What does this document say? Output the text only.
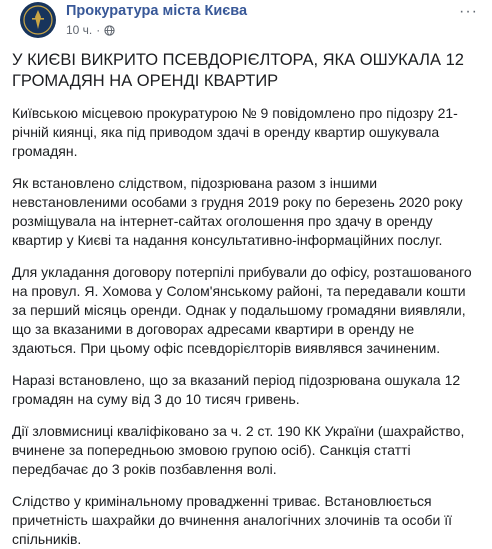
Прокуратура міста Києва
10 ч. ·
···
У КИЄВІ ВИКРИТО ПСЕВДОРІЄЛТОРА, ЯКА ОШУКАЛА 12 ГРОМАДЯН НА ОРЕНДІ КВАРТИР

Київською місцевою прокуратурою № 9 повідомлено про підозру 21-річній киянці, яка під приводом здачі в оренду квартир ошукувала громадян.

Як встановлено слідством, підозрювана разом з іншими невстановленими особами з грудня 2019 року по березень 2020 року розміщувала на інтернет-сайтах оголошення про здачу в оренду квартир у Києві та надання консультативно-інформаційних послуг.

Для укладання договору потерпілі прибували до офісу, розташованого на провул. Я. Хомова у Солом'янському районі, та передавали кошти за перший місяць оренди. Однак у подальшому громадяни виявляли, що за вказаними в договорах адресами квартири в оренду не здаються. При цьому офіс псевдорієлторів виявлявся зачиненим.

Наразі встановлено, що за вказаний період підозрювана ошукала 12 громадян на суму від 3 до 10 тисяч гривень.

Дії зловмисниці кваліфіковано за ч. 2 ст. 190 КК України (шахрайство, вчинене за попередньою змовою групою осіб). Санкція статті передбачає до 3 років позбавлення волі.

Слідство у кримінальному провадженні триває. Встановлюється причетність шахрайки до вчинення аналогічних злочинів та особи її спільників.
